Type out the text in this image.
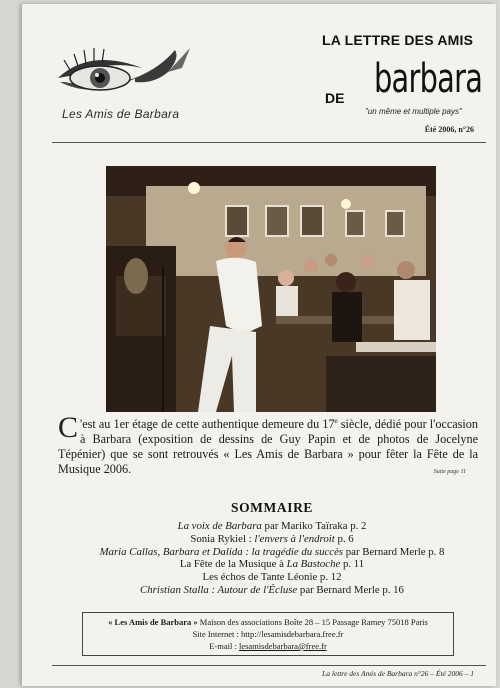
Les Amis de Barbara
LA LETTRE DES AMIS
barbara
DE
"un même et multiple pays"
Été 2006, n°26

C 'est au 1er étage de cette authentique demeure du 17e siècle, dédié pour l'occasion à Barbara (exposition de dessins de Guy Papin et de photos de Jocelyne Tépénier) que se sont retrouvés « Les Amis de Barbara » pour fêter la Fête de la Musique 2006.	Suite page 11
SOMMAIRE
La voix de Barbara par Mariko Taïraka p. 2
Sonia Rykiel : l'envers à l'endroit p. 6
Maria Callas, Barbara et Dalida : la tragédie du succès par Bernard Merle p. 8
La Fête de la Musique à La Bastoche p. 11
Les échos de Tante Léonie p. 12
Christian Stalla : Autour de l'Écluse par Bernard Merle p. 16
« Les Amis de Barbara » Maison des associations Boîte 28 – 15 Passage Ramey 75018 Paris
Site Internet : http://lesamisdebarbara.free.fr
E-mail : lesamisdebarbara@free.fr
La lettre des Amis de Barbara n°26 – Été 2006 – 1
